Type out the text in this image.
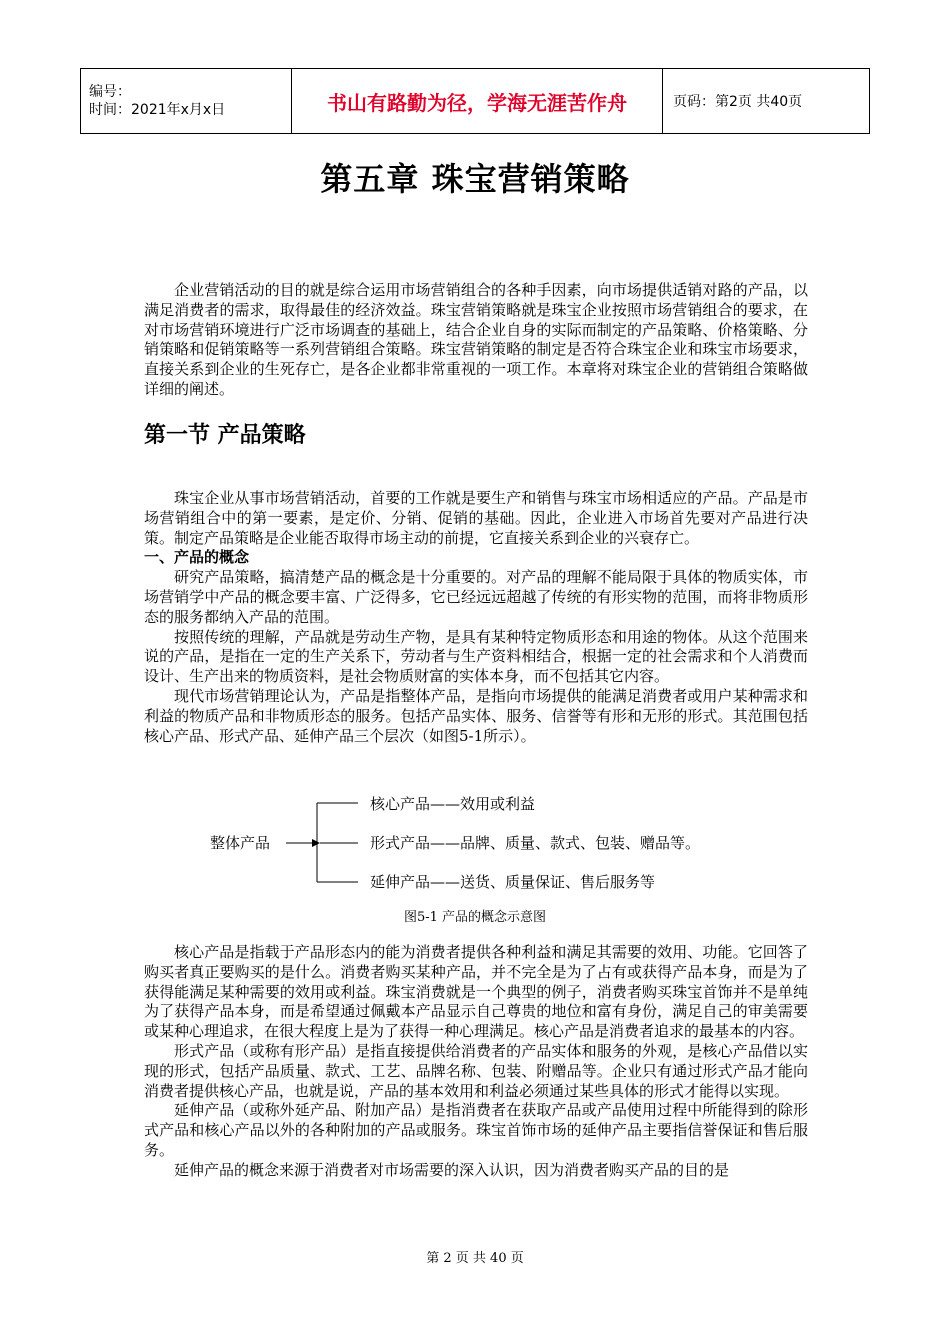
编号：
时间：2021年x月x日	书山有路勤为径，学海无涯苦作舟	页码：第2页 共40页
第五章 珠宝营销策略

企业营销活动的目的就是综合运用市场营销组合的各种手因素，向市场提供适销对路的产品，以满足消费者的需求，取得最佳的经济效益。珠宝营销策略就是珠宝企业按照市场营销组合的要求，在对市场营销环境进行广泛市场调查的基础上，结合企业自身的实际而制定的产品策略、价格策略、分销策略和促销策略等一系列营销组合策略。珠宝营销策略的制定是否符合珠宝企业和珠宝市场要求，直接关系到企业的生死存亡，是各企业都非常重视的一项工作。本章将对珠宝企业的营销组合策略做详细的阐述。

第一节 产品策略

珠宝企业从事市场营销活动，首要的工作就是要生产和销售与珠宝市场相适应的产品。产品是市场营销组合中的第一要素，是定价、分销、促销的基础。因此，企业进入市场首先要对产品进行决策。制定产品策略是企业能否取得市场主动的前提，它直接关系到企业的兴衰存亡。

一、产品的概念

研究产品策略，搞清楚产品的概念是十分重要的。对产品的理解不能局限于具体的物质实体，市场营销学中产品的概念要丰富、广泛得多，它已经远远超越了传统的有形实物的范围，而将非物质形态的服务都纳入产品的范围。

按照传统的理解，产品就是劳动生产物，是具有某种特定物质形态和用途的物体。从这个范围来说的产品，是指在一定的生产关系下，劳动者与生产资料相结合，根据一定的社会需求和个人消费而设计、生产出来的物质资料，是社会物质财富的实体本身，而不包括其它内容。

现代市场营销理论认为，产品是指整体产品，是指向市场提供的能满足消费者或用户某种需求和利益的物质产品和非物质形态的服务。包括产品实体、服务、信誉等有形和无形的形式。其范围包括核心产品、形式产品、延伸产品三个层次（如图5-1所示）。

整体产品
核心产品——效用或利益
形式产品——品牌、质量、款式、包装、赠品等。
延伸产品——送货、质量保证、售后服务等
图5-1 产品的概念示意图

核心产品是指载于产品形态内的能为消费者提供各种利益和满足其需要的效用、功能。它回答了购买者真正要购买的是什么。消费者购买某种产品，并不完全是为了占有或获得产品本身，而是为了获得能满足某种需要的效用或利益。珠宝消费就是一个典型的例子，消费者购买珠宝首饰并不是单纯为了获得产品本身，而是希望通过佩戴本产品显示自己尊贵的地位和富有身份，满足自己的审美需要或某种心理追求，在很大程度上是为了获得一种心理满足。核心产品是消费者追求的最基本的内容。

形式产品（或称有形产品）是指直接提供给消费者的产品实体和服务的外观，是核心产品借以实现的形式，包括产品质量、款式、工艺、品牌名称、包装、附赠品等。企业只有通过形式产品才能向消费者提供核心产品，也就是说，产品的基本效用和利益必须通过某些具体的形式才能得以实现。

延伸产品（或称外延产品、附加产品）是指消费者在获取产品或产品使用过程中所能得到的除形式产品和核心产品以外的各种附加的产品或服务。珠宝首饰市场的延伸产品主要指信誉保证和售后服务。

延伸产品的概念来源于消费者对市场需要的深入认识，因为消费者购买产品的目的是

第 2 页 共 40 页
